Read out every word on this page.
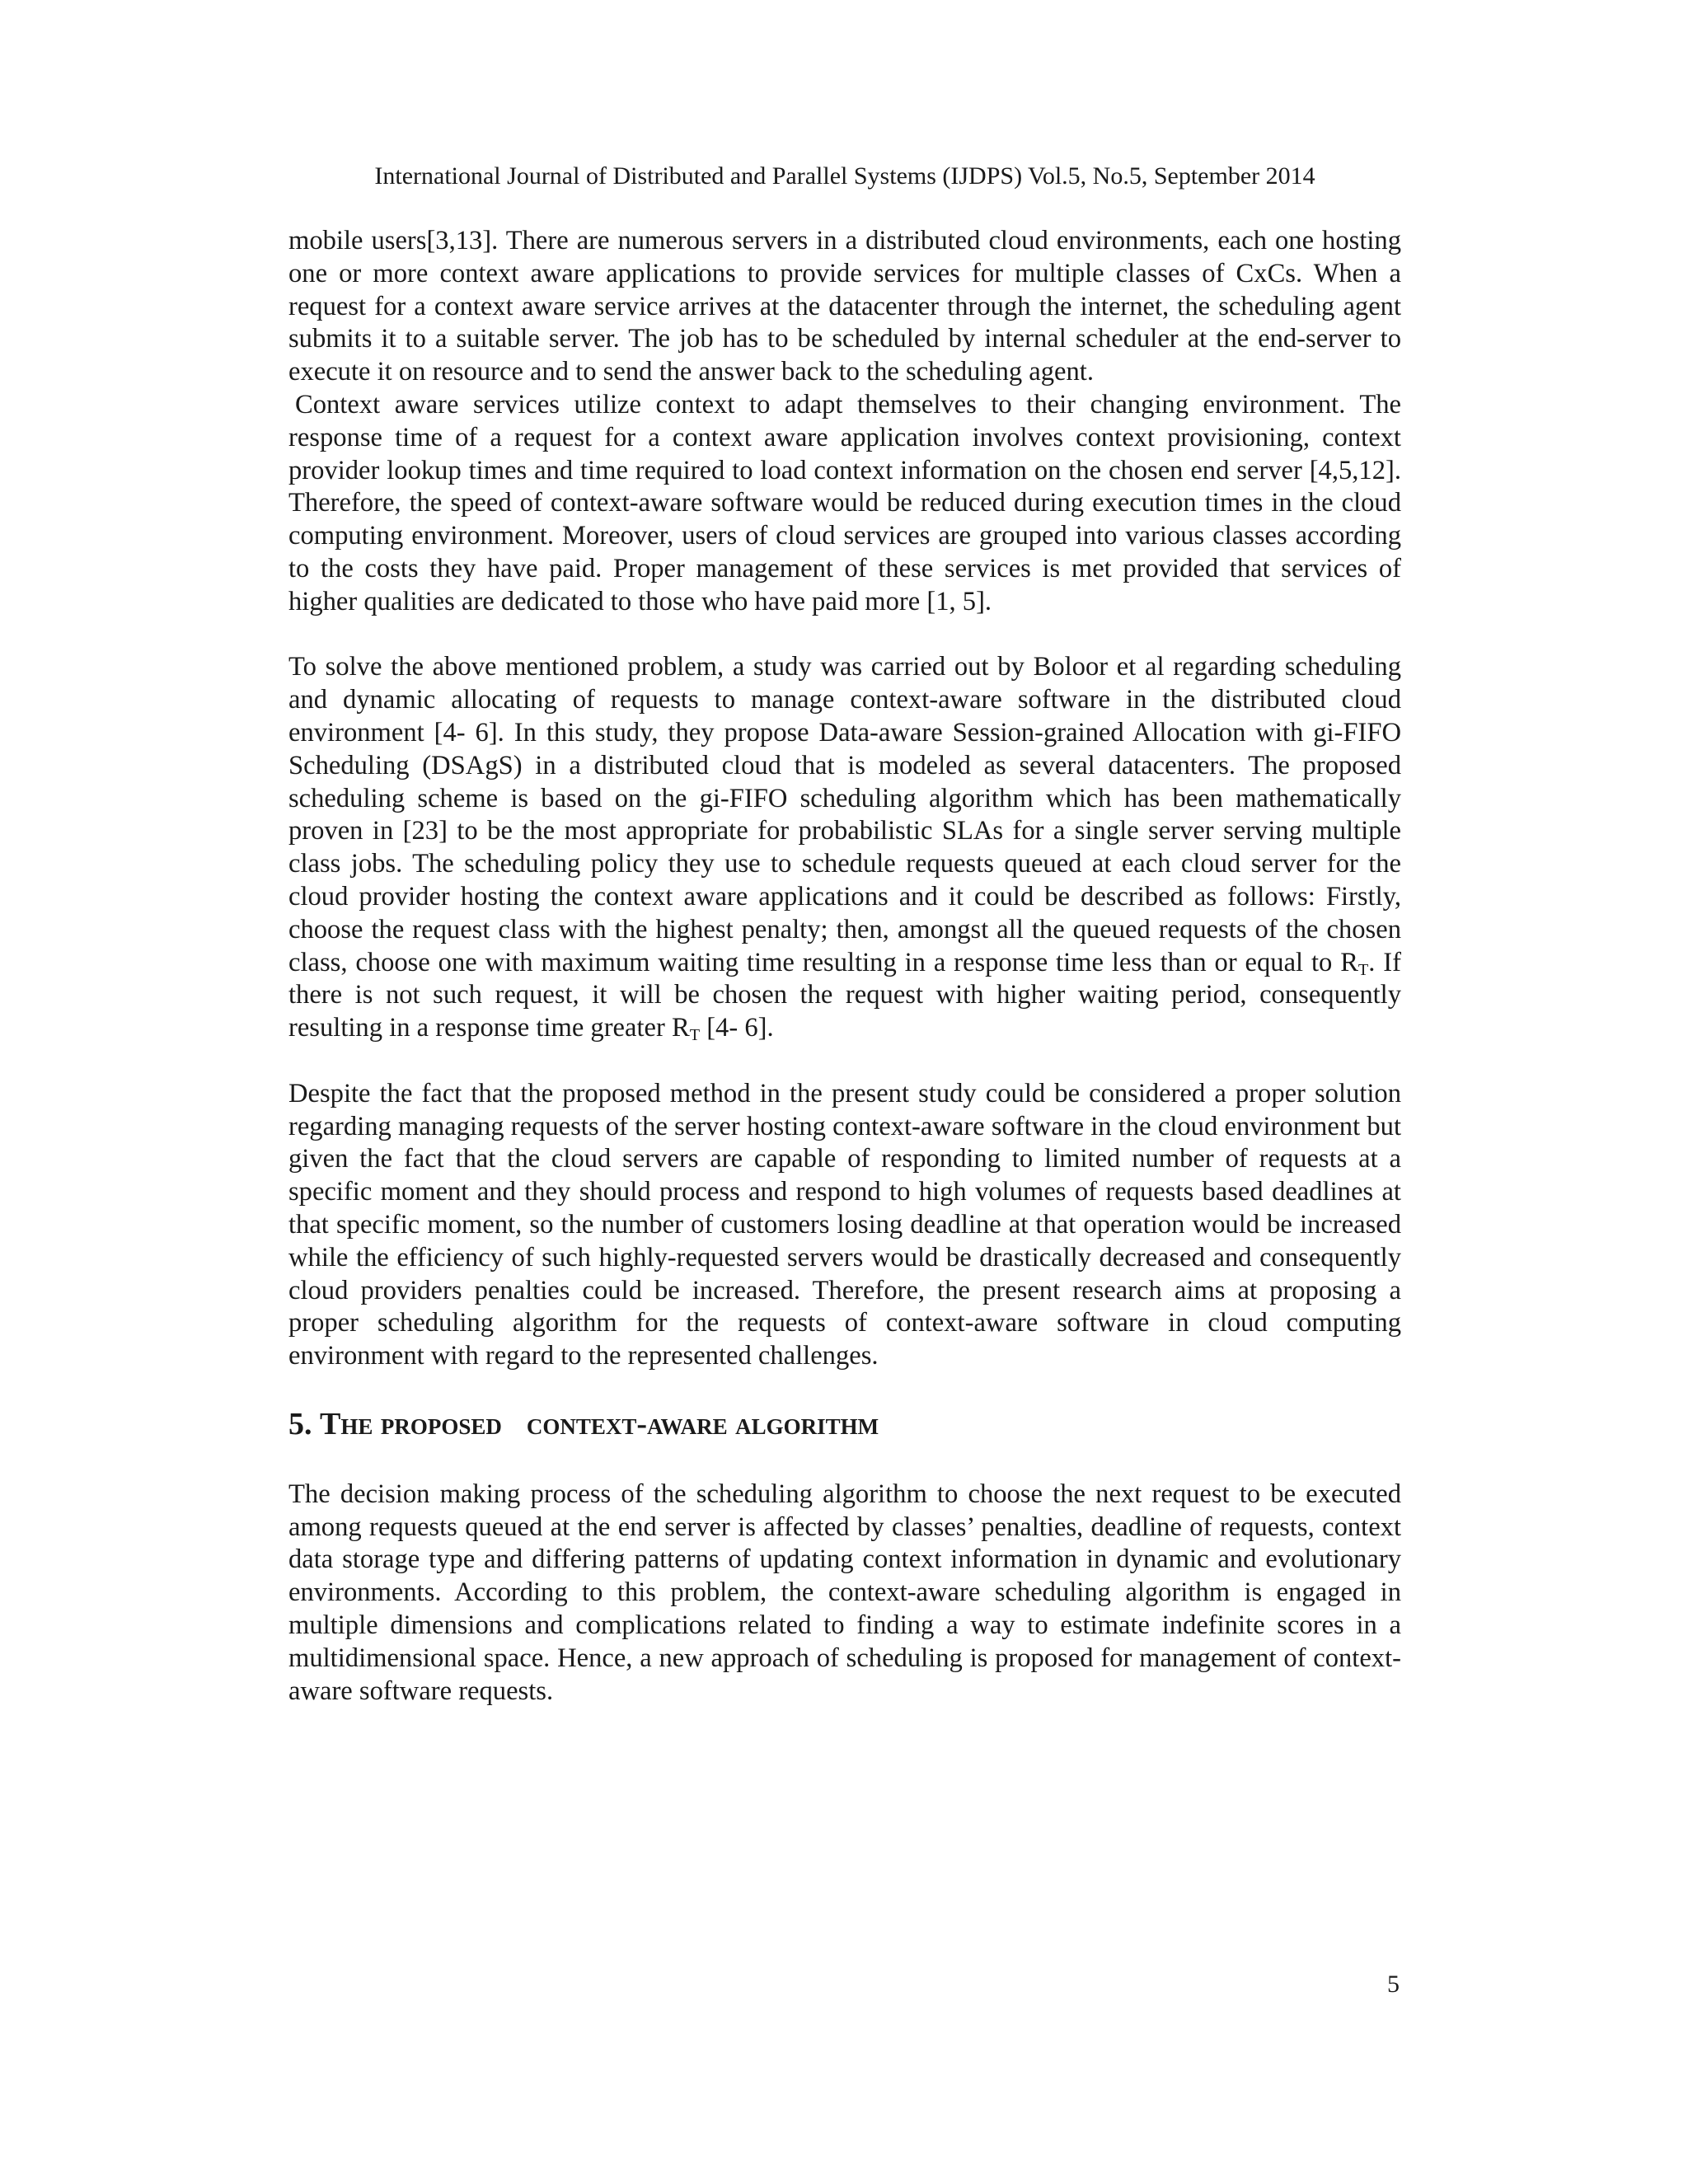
International Journal of Distributed and Parallel Systems (IJDPS) Vol.5, No.5, September 2014

mobile users[3,13]. There are numerous servers in a distributed cloud environments, each one hosting one or more context aware applications to provide services for multiple classes of CxCs. When a request for a context aware service arrives at the datacenter through the internet, the scheduling agent submits it to a suitable server. The job has to be scheduled by internal scheduler at the end-server to execute it on resource and to send the answer back to the scheduling agent.

Context aware services utilize context to adapt themselves to their changing environment. The response time of a request for a context aware application involves context provisioning, context provider lookup times and time required to load context information on the chosen end server [4,5,12]. Therefore, the speed of context-aware software would be reduced during execution times in the cloud computing environment. Moreover, users of cloud services are grouped into various classes according to the costs they have paid. Proper management of these services is met provided that services of higher qualities are dedicated to those who have paid more [1, 5].

To solve the above mentioned problem, a study was carried out by Boloor et al regarding scheduling and dynamic allocating of requests to manage context-aware software in the distributed cloud environment [4- 6]. In this study, they propose Data-aware Session-grained Allocation with gi-FIFO Scheduling (DSAgS) in a distributed cloud that is modeled as several datacenters. The proposed scheduling scheme is based on the gi-FIFO scheduling algorithm which has been mathematically proven in [23] to be the most appropriate for probabilistic SLAs for a single server serving multiple class jobs. The scheduling policy they use to schedule requests queued at each cloud server for the cloud provider hosting the context aware applications and it could be described as follows: Firstly, choose the request class with the highest penalty; then, amongst all the queued requests of the chosen class, choose one with maximum waiting time resulting in a response time less than or equal to $R_T$. If there is not such request, it will be chosen the request with higher waiting period, consequently resulting in a response time greater $R_T$ [4- 6].

Despite the fact that the proposed method in the present study could be considered a proper solution regarding managing requests of the server hosting context-aware software in the cloud environment but given the fact that the cloud servers are capable of responding to limited number of requests at a specific moment and they should process and respond to high volumes of requests based deadlines at that specific moment, so the number of customers losing deadline at that operation would be increased while the efficiency of such highly-requested servers would be drastically decreased and consequently cloud providers penalties could be increased. Therefore, the present research aims at proposing a proper scheduling algorithm for the requests of context-aware software in cloud computing environment with regard to the represented challenges.

5. The proposed context-aware algorithm

The decision making process of the scheduling algorithm to choose the next request to be executed among requests queued at the end server is affected by classes’ penalties, deadline of requests, context data storage type and differing patterns of updating context information in dynamic and evolutionary environments. According to this problem, the context-aware scheduling algorithm is engaged in multiple dimensions and complications related to finding a way to estimate indefinite scores in a multidimensional space. Hence, a new approach of scheduling is proposed for management of context-aware software requests.

5
